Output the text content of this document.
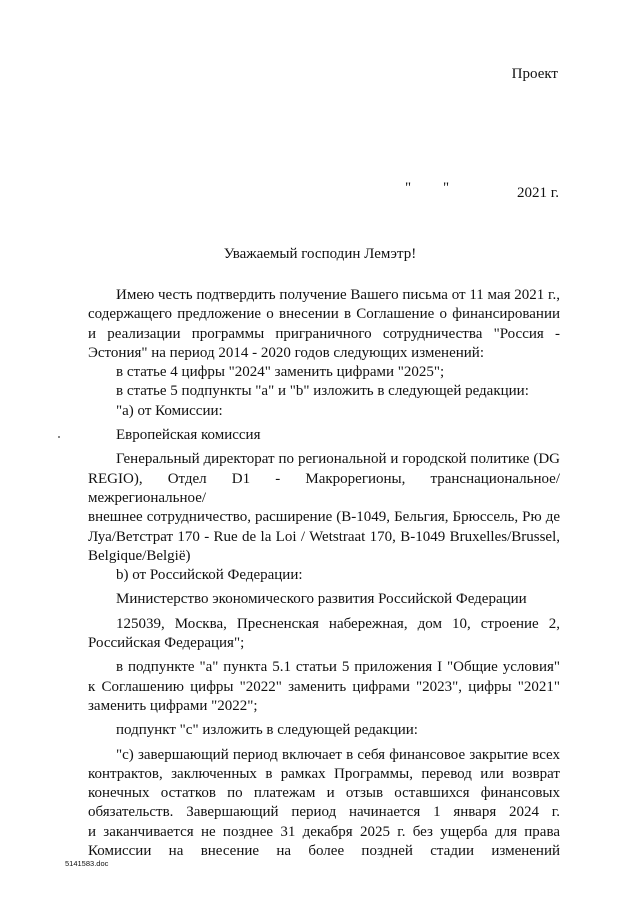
Проект
" "	2021 г.
Уважаемый господин Лемэтр!

Имею честь подтвердить получение Вашего письма от 11 мая 2021 г.,

содержащего предложение о внесении в Соглашение о финансировании

и реализации программы приграничного сотрудничества "Россия -

Эстония" на период 2014 - 2020 годов следующих изменений:

в статье 4 цифры "2024" заменить цифрами "2025";

в статье 5 подпункты "а" и "b" изложить в следующей редакции:

"а) от Комиссии:

Европейская комиссия

Генеральный директорат по региональной и городской политике (DG

REGIO), Отдел D1 - Макрорегионы, транснациональное/межрегиональное/

внешнее сотрудничество, расширение (B-1049, Бельгия, Брюссель, Рю де

Луа/Ветстрат 170 - Rue de la Loi / Wetstraat 170, B-1049 Bruxelles/Brussel,

Belgique/België)

b) от Российской Федерации:

Министерство экономического развития Российской Федерации

125039, Москва, Пресненская набережная, дом 10, строение 2,

Российская Федерация";

в подпункте "а" пункта 5.1 статьи 5 приложения I "Общие условия"

к Соглашению цифры "2022" заменить цифрами "2023", цифры "2021"

заменить цифрами "2022";

подпункт "с" изложить в следующей редакции:

"с) завершающий период включает в себя финансовое закрытие всех

контрактов, заключенных в рамках Программы, перевод или возврат

конечных остатков по платежам и отзыв оставшихся финансовых

обязательств. Завершающий период начинается 1 января 2024 г.

и заканчивается не позднее 31 декабря 2025 г. без ущерба для права

Комиссии на внесение на более поздней стадии изменений

5141583.doc
